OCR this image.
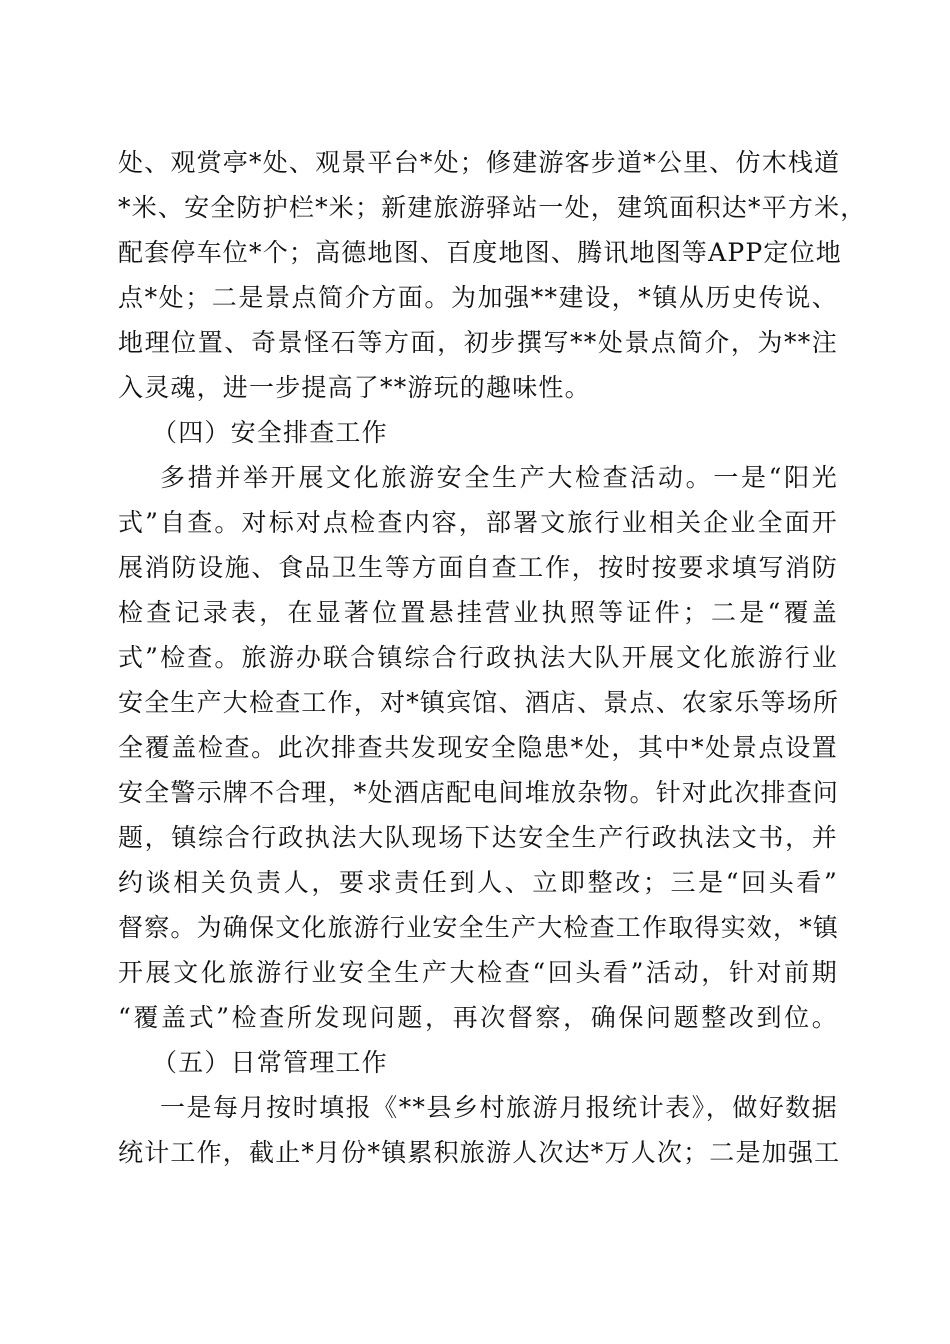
处、观赏亭*处、观景平台*处；修建游客步道*公里、仿木栈道
*米、安全防护栏*米；新建旅游驿站一处，建筑面积达*平方米，
配套停车位*个；高德地图、百度地图、腾讯地图等APP定位地
点*处；二是景点简介方面。为加强**建设，*镇从历史传说、
地理位置、奇景怪石等方面，初步撰写**处景点简介，为**注
入灵魂，进一步提高了**游玩的趣味性。
（四）安全排查工作
多措并举开展文化旅游安全生产大检查活动。一是“阳光
式”自查。对标对点检查内容，部署文旅行业相关企业全面开
展消防设施、食品卫生等方面自查工作，按时按要求填写消防
检查记录表，在显著位置悬挂营业执照等证件；二是“覆盖
式”检查。旅游办联合镇综合行政执法大队开展文化旅游行业
安全生产大检查工作，对*镇宾馆、酒店、景点、农家乐等场所
全覆盖检查。此次排查共发现安全隐患*处，其中*处景点设置
安全警示牌不合理，*处酒店配电间堆放杂物。针对此次排查问
题，镇综合行政执法大队现场下达安全生产行政执法文书，并
约谈相关负责人，要求责任到人、立即整改；三是“回头看”
督察。为确保文化旅游行业安全生产大检查工作取得实效，*镇
开展文化旅游行业安全生产大检查“回头看”活动，针对前期
“覆盖式”检查所发现问题，再次督察，确保问题整改到位。
（五）日常管理工作
一是每月按时填报《**县乡村旅游月报统计表》，做好数据
统计工作，截止*月份*镇累积旅游人次达*万人次；二是加强工
